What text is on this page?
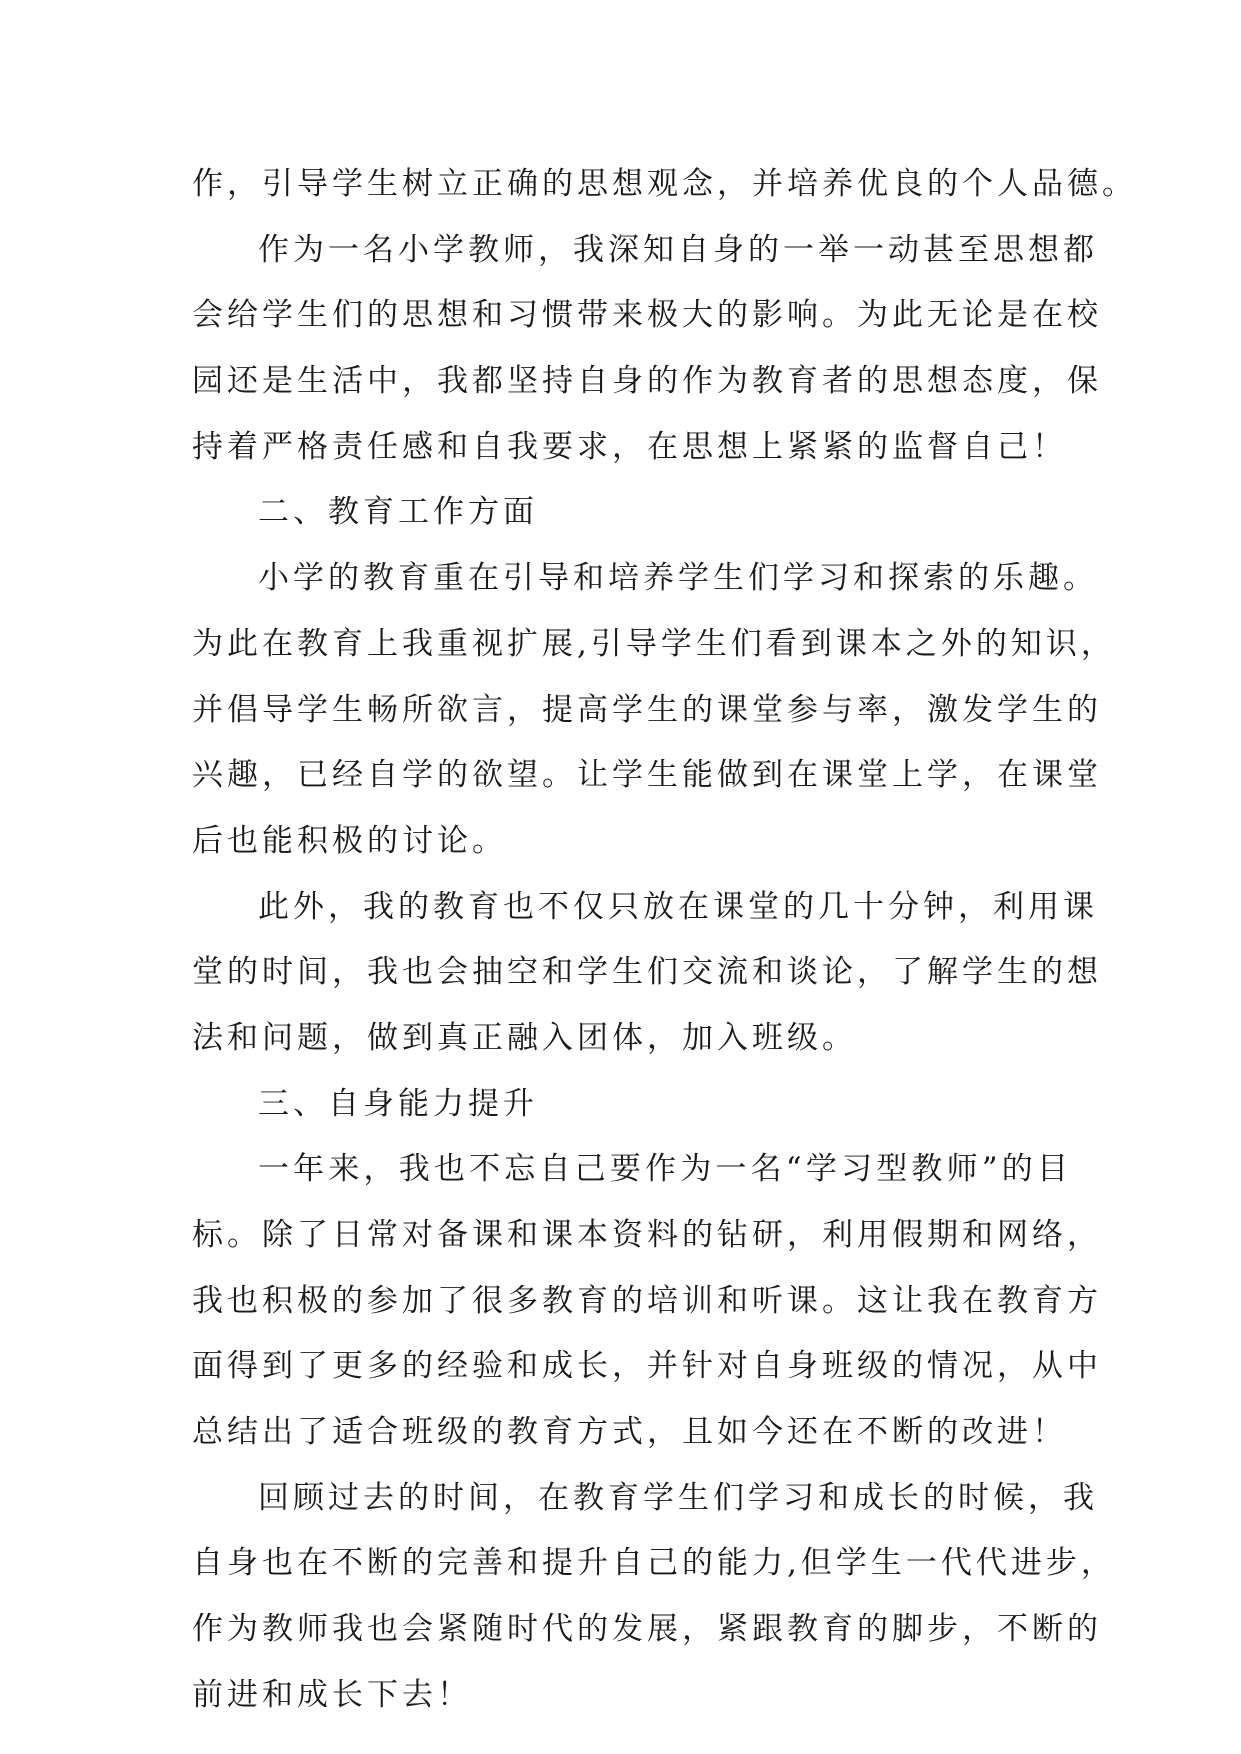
作，引导学生树立正确的思想观念，并培养优良的个人品德。
作为一名小学教师，我深知自身的一举一动甚至思想都
会给学生们的思想和习惯带来极大的影响。为此无论是在校
园还是生活中，我都坚持自身的作为教育者的思想态度，保
持着严格责任感和自我要求，在思想上紧紧的监督自己！
二、教育工作方面
小学的教育重在引导和培养学生们学习和探索的乐趣。
为此在教育上我重视扩展,引导学生们看到课本之外的知识，
并倡导学生畅所欲言，提高学生的课堂参与率，激发学生的
兴趣，已经自学的欲望。让学生能做到在课堂上学，在课堂
后也能积极的讨论。
此外，我的教育也不仅只放在课堂的几十分钟，利用课
堂的时间，我也会抽空和学生们交流和谈论，了解学生的想
法和问题，做到真正融入团体，加入班级。
三、自身能力提升
一年来，我也不忘自己要作为一名“学习型教师”的目
标。除了日常对备课和课本资料的钻研，利用假期和网络，
我也积极的参加了很多教育的培训和听课。这让我在教育方
面得到了更多的经验和成长，并针对自身班级的情况，从中
总结出了适合班级的教育方式，且如今还在不断的改进！
回顾过去的时间，在教育学生们学习和成长的时候，我
自身也在不断的完善和提升自己的能力,但学生一代代进步，
作为教师我也会紧随时代的发展，紧跟教育的脚步，不断的
前进和成长下去！
